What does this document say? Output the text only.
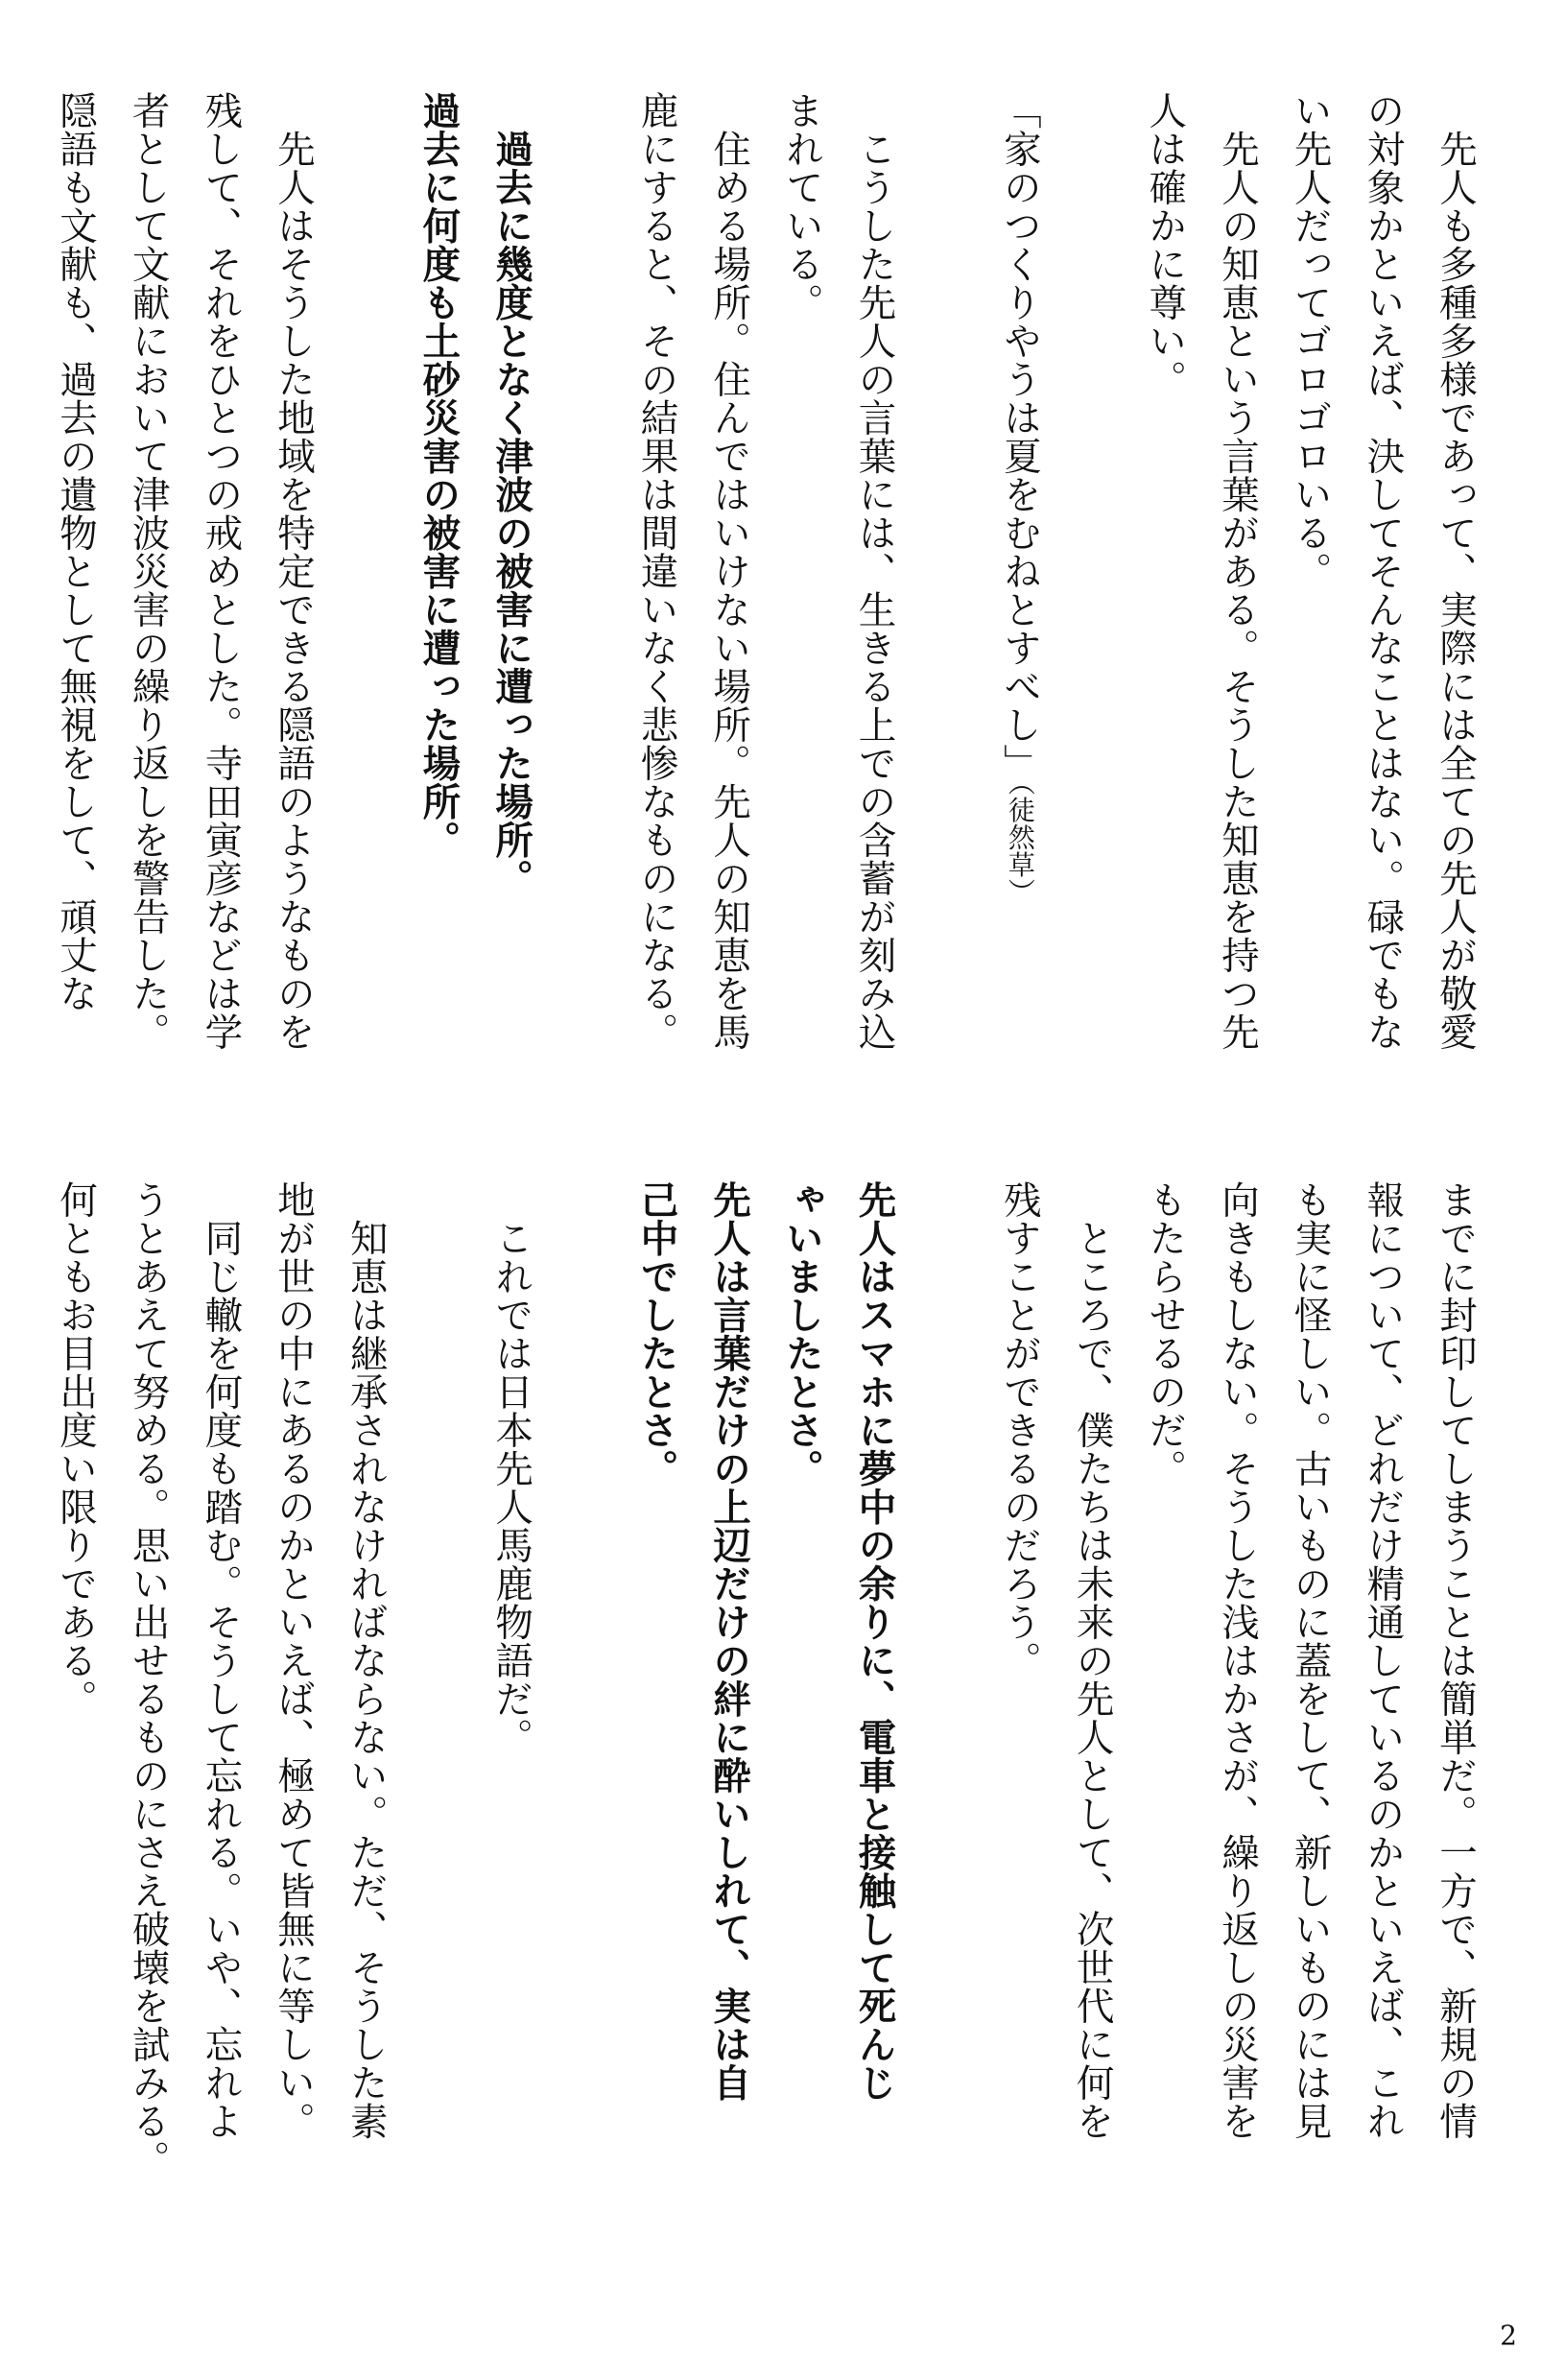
先人も多種多様であって、実際には全ての先人が敬愛
の対象かといえば、決してそんなことはない。碌でもな
い先人だってゴロゴロいる。
先人の知恵という言葉がある。そうした知恵を持つ先
人は確かに尊い。
「家のつくりやうは夏をむねとすべし」（徒然草）
こうした先人の言葉には、生きる上での含蓄が刻み込
まれている。
住める場所。住んではいけない場所。先人の知恵を馬
鹿にすると、その結果は間違いなく悲惨なものになる。
過去に幾度となく津波の被害に遭った場所。
過去に何度も土砂災害の被害に遭った場所。
先人はそうした地域を特定できる隠語のようなものを
残して、それをひとつの戒めとした。寺田寅彦などは学
者として文献において津波災害の繰り返しを警告した。
隠語も文献も、過去の遺物として無視をして、頑丈な
までに封印してしまうことは簡単だ。一方で、新規の情
報について、どれだけ精通しているのかといえば、これ
も実に怪しい。古いものに蓋をして、新しいものには見
向きもしない。そうした浅はかさが、繰り返しの災害を
もたらせるのだ。
ところで、僕たちは未来の先人として、次世代に何を
残すことができるのだろう。
先人はスマホに夢中の余りに、電車と接触して死んじ
ゃいましたとさ。
先人は言葉だけの上辺だけの絆に酔いしれて、実は自
己中でしたとさ。
これでは日本先人馬鹿物語だ。
知恵は継承されなければならない。ただ、そうした素
地が世の中にあるのかといえば、極めて皆無に等しい。
同じ轍を何度も踏む。そうして忘れる。いや、忘れよ
うとあえて努める。思い出せるものにさえ破壊を試みる。
何ともお目出度い限りである。
2
